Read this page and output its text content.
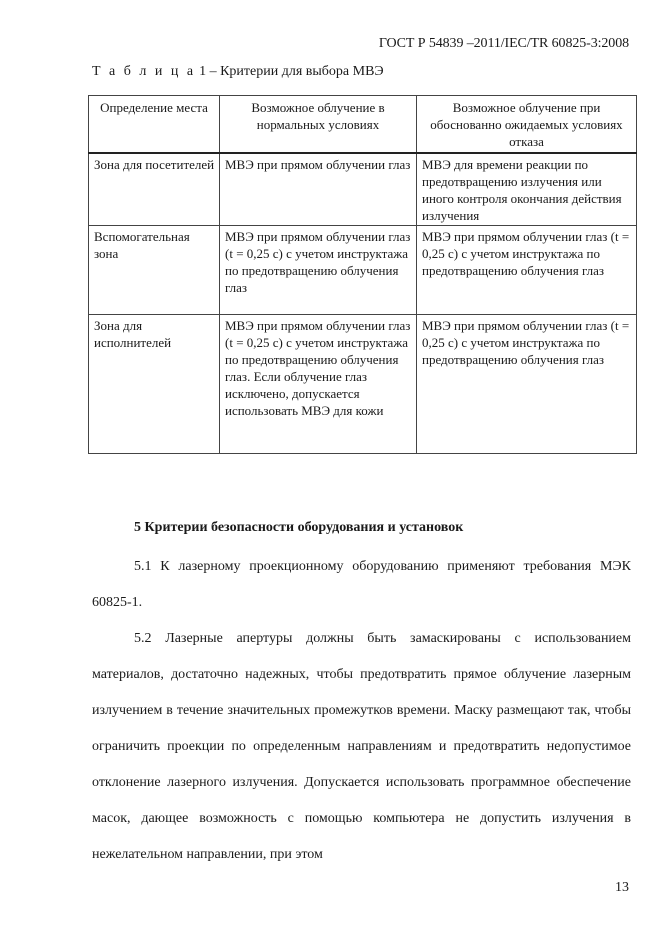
ГОСТ Р 54839 –2011/IEC/TR 60825-3:2008
Т а б л и ц а 1 – Критерии для выбора МВЭ
Определение места	Возможное облучение в нормальных условиях	Возможное облучение при обоснованно ожидаемых условиях отказа
Зона для посетителей	МВЭ при прямом облучении глаз	МВЭ для времени реакции по предотвращению излучения или иного контроля окончания действия излучения
Вспомогательная зона	МВЭ при прямом облучении глаз (t = 0,25 с) с учетом инструктажа по предотвращению облучения глаз	МВЭ при прямом облучении глаз (t = 0,25 с) с учетом инструктажа по предотвращению облучения глаз
Зона для исполнителей	МВЭ при прямом облучении глаз (t = 0,25 с) с учетом инструктажа по предотвращению облучения глаз. Если облучение глаз исключено, допускается использовать МВЭ для кожи	МВЭ при прямом облучении глаз (t = 0,25 с) с учетом инструктажа по предотвращению облучения глаз
5 Критерии безопасности оборудования и установок
5.1 К лазерному проекционному оборудованию применяют требования МЭК 60825-1.
5.2 Лазерные апертуры должны быть замаскированы с использованием материалов, достаточно надежных, чтобы предотвратить прямое облучение лазерным излучением в течение значительных промежутков времени. Маску размещают так, чтобы ограничить проекции по определенным направлениям и предотвратить недопустимое отклонение лазерного излучения. Допускается использовать программное обеспечение масок, дающее возможность с помощью компьютера не допустить излучения в нежелательном направлении, при этом
13
